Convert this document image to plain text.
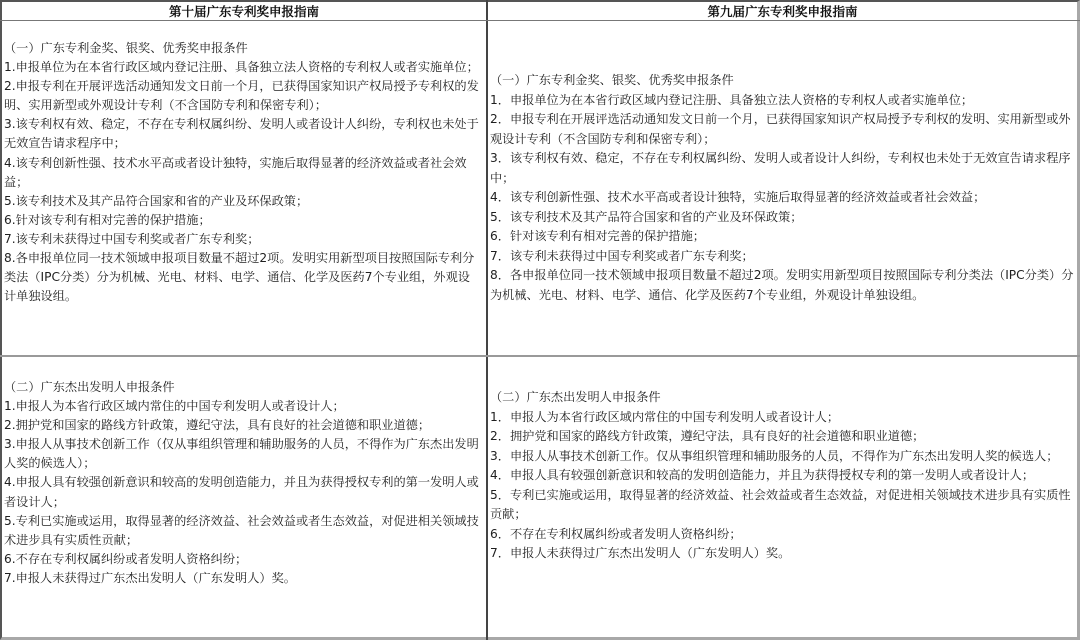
第十届广东专利奖申报指南	第九届广东专利奖申报指南

（一）广东专利金奖、银奖、优秀奖申报条件

1.申报单位为在本省行政区域内登记注册、具备独立法人资格的专利权人或者实施单位；

2.申报专利在开展评选活动通知发文日前一个月，已获得国家知识产权局授予专利权的发明、实用新型或外观设计专利（不含国防专利和保密专利）；

3.该专利权有效、稳定，不存在专利权属纠纷、发明人或者设计人纠纷，专利权也未处于无效宣告请求程序中；

4.该专利创新性强、技术水平高或者设计独特，实施后取得显著的经济效益或者社会效益；

5.该专利技术及其产品符合国家和省的产业及环保政策；

6.针对该专利有相对完善的保护措施；

7.该专利未获得过中国专利奖或者广东专利奖；

8.各申报单位同一技术领域申报项目数量不超过2项。发明实用新型项目按照国际专利分类法（IPC分类）分为机械、光电、材料、电学、通信、化学及医药7个专业组，外观设计单独设组。

（一）广东专利金奖、银奖、优秀奖申报条件

1．申报单位为在本省行政区域内登记注册、具备独立法人资格的专利权人或者实施单位；

2．申报专利在开展评选活动通知发文日前一个月，已获得国家知识产权局授予专利权的发明、实用新型或外观设计专利（不含国防专利和保密专利）；

3．该专利权有效、稳定，不存在专利权属纠纷、发明人或者设计人纠纷，专利权也未处于无效宣告请求程序中；

4．该专利创新性强、技术水平高或者设计独特，实施后取得显著的经济效益或者社会效益；

5．该专利技术及其产品符合国家和省的产业及环保政策；

6．针对该专利有相对完善的保护措施；

7．该专利未获得过中国专利奖或者广东专利奖；

8．各申报单位同一技术领域申报项目数量不超过2项。发明实用新型项目按照国际专利分类法（IPC分类）分为机械、光电、材料、电学、通信、化学及医药7个专业组，外观设计单独设组。

（二）广东杰出发明人申报条件

1.申报人为本省行政区域内常住的中国专利发明人或者设计人；

2.拥护党和国家的路线方针政策，遵纪守法，具有良好的社会道德和职业道德；

3.申报人从事技术创新工作（仅从事组织管理和辅助服务的人员，不得作为广东杰出发明人奖的候选人）；

4.申报人具有较强创新意识和较高的发明创造能力，并且为获得授权专利的第一发明人或者设计人；

5.专利已实施或运用，取得显著的经济效益、社会效益或者生态效益，对促进相关领域技术进步具有实质性贡献；

6.不存在专利权属纠纷或者发明人资格纠纷；

7.申报人未获得过广东杰出发明人（广东发明人）奖。

（二）广东杰出发明人申报条件

1．申报人为本省行政区域内常住的中国专利发明人或者设计人；

2．拥护党和国家的路线方针政策，遵纪守法，具有良好的社会道德和职业道德；

3．申报人从事技术创新工作。仅从事组织管理和辅助服务的人员，不得作为广东杰出发明人奖的候选人；

4．申报人具有较强创新意识和较高的发明创造能力，并且为获得授权专利的第一发明人或者设计人；

5．专利已实施或运用，取得显著的经济效益、社会效益或者生态效益，对促进相关领域技术进步具有实质性贡献；

6．不存在专利权属纠纷或者发明人资格纠纷；

7．申报人未获得过广东杰出发明人（广东发明人）奖。
